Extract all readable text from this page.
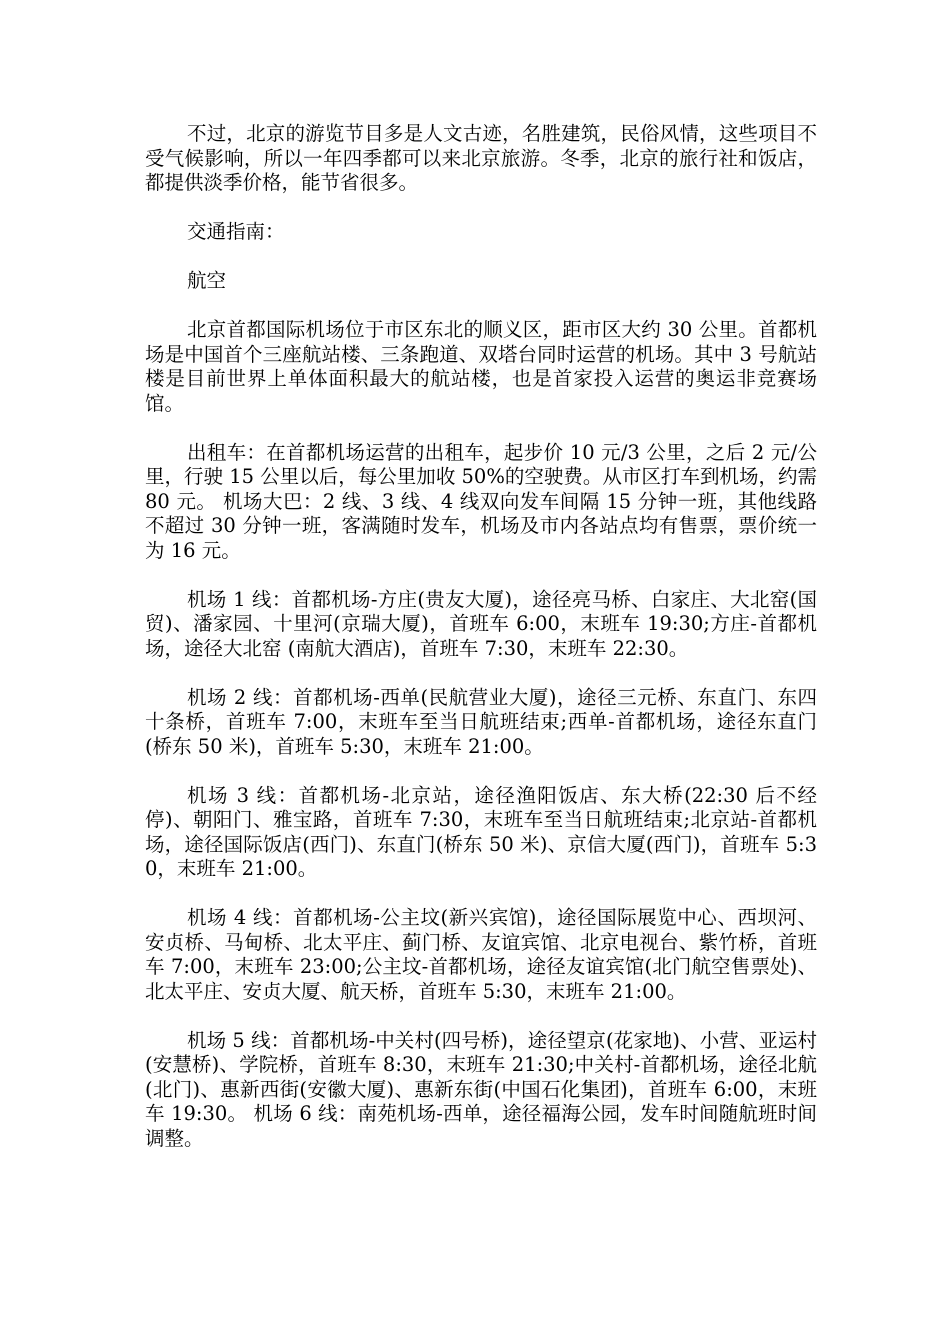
不过，北京的游览节目多是人文古迹，名胜建筑，民俗风情，这些项目不受气候影响，所以一年四季都可以来北京旅游。冬季，北京的旅行社和饭店，都提供淡季价格，能节省很多。

交通指南：

航空

北京首都国际机场位于市区东北的顺义区，距市区大约 30 公里。首都机场是中国首个三座航站楼、三条跑道、双塔台同时运营的机场。其中 3 号航站楼是目前世界上单体面积最大的航站楼，也是首家投入运营的奥运非竞赛场馆。

出租车：在首都机场运营的出租车，起步价 10 元/3 公里，之后 2 元/公里，行驶 15 公里以后，每公里加收 50%的空驶费。从市区打车到机场，约需 80 元。 机场大巴：2 线、3 线、4 线双向发车间隔 15 分钟一班，其他线路不超过 30 分钟一班，客满随时发车，机场及市内各站点均有售票，票价统一为 16 元。

机场 1 线：首都机场-方庄(贵友大厦)，途径亮马桥、白家庄、大北窑(国贸)、潘家园、十里河(京瑞大厦)，首班车 6:00，末班车 19:30;方庄-首都机场，途径大北窑 (南航大酒店)，首班车 7:30，末班车 22:30。

机场 2 线：首都机场-西单(民航营业大厦)，途径三元桥、东直门、东四十条桥，首班车 7:00，末班车至当日航班结束;西单-首都机场，途径东直门(桥东 50 米)，首班车 5:30，末班车 21:00。

机场 3 线：首都机场-北京站，途径渔阳饭店、东大桥(22:30 后不经停)、朝阳门、雅宝路，首班车 7:30，末班车至当日航班结束;北京站-首都机场，途径国际饭店(西门)、东直门(桥东 50 米)、京信大厦(西门)，首班车 5:30，末班车 21:00。

机场 4 线：首都机场-公主坟(新兴宾馆)，途径国际展览中心、西坝河、安贞桥、马甸桥、北太平庄、蓟门桥、友谊宾馆、北京电视台、紫竹桥，首班车 7:00，末班车 23:00;公主坟-首都机场，途径友谊宾馆(北门航空售票处)、北太平庄、安贞大厦、航天桥，首班车 5:30，末班车 21:00。

机场 5 线：首都机场-中关村(四号桥)，途径望京(花家地)、小营、亚运村(安慧桥)、学院桥，首班车 8:30，末班车 21:30;中关村-首都机场，途径北航(北门)、惠新西街(安徽大厦)、惠新东街(中国石化集团)，首班车 6:00，末班车 19:30。 机场 6 线：南苑机场-西单，途径福海公园，发车时间随航班时间调整。
